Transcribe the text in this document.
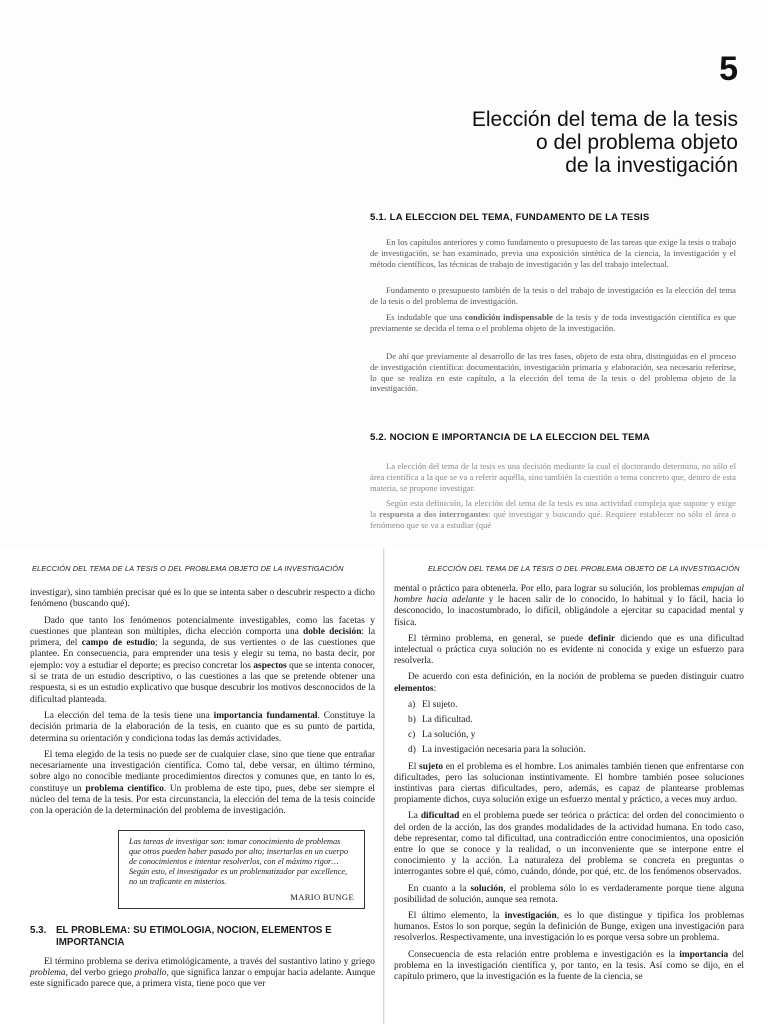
5
Elección del tema de la tesis
o del problema objeto
de la investigación
5.1. LA ELECCION DEL TEMA, FUNDAMENTO DE LA TESIS

En los capítulos anteriores y como fundamento o presupuesto de las tareas que exige la tesis o trabajo de investigación, se han examinado, previa una exposición sintética de la ciencia, la investigación y el método científicos, las técnicas de trabajo de investigación y las del trabajo intelectual.

Fundamento o presupuesto también de la tesis o del trabajo de investigación es la elección del tema de la tesis o del problema de investigación.

Es indudable que una condición indispensable de la tesis y de toda investigación científica es que previamente se decida el tema o el problema objeto de la investigación.

De ahí que previamente al desarrollo de las tres fases, objeto de esta obra, distinguidas en el proceso de investigación científica: documentación, investigación primaria y elaboración, sea necesario referirse, lo que se realiza en este capítulo, a la elección del tema de la tesis o del problema objeto de la investigación.

5.2. NOCION E IMPORTANCIA DE LA ELECCION DEL TEMA

La elección del tema de la tesis es una decisión mediante la cual el doctorando determina, no sólo el área científica a la que se va a referir aquélla, sino también la cuestión o tema concreto que, dentro de esta materia, se propone investigar.

Según esta definición, la elección del tema de la tesis es una actividad compleja que supone y exige la respuesta a dos interrogantes: qué investigar y buscando qué. Requiere establecer no sólo el área o fenómeno que se va a estudiar (qué

ELECCIÓN DEL TEMA DE LA TESIS O DEL PROBLEMA OBJETO DE LA INVESTIGACIÓN

investigar), sino también precisar qué es lo que se intenta saber o descubrir respecto a dicho fenómeno (buscando qué).

Dado que tanto los fenómenos potencialmente investigables, como las facetas y cuestiones que plantean son múltiples, dicha elección comporta una doble decisión: la primera, del campo de estudio; la segunda, de sus vertientes o de las cuestiones que plantee. En consecuencia, para emprender una tesis y elegir su tema, no basta decir, por ejemplo: voy a estudiar el deporte; es preciso concretar los aspectos que se intenta conocer, si se trata de un estudio descriptivo, o las cuestiones a las que se pretende obtener una respuesta, si es un estudio explicativo que busque descubrir los motivos desconocidos de la dificultad planteada.

La elección del tema de la tesis tiene una importancia fundamental. Constituye la decisión primaria de la elaboración de la tesis, en cuanto que es su punto de partida, determina su orientación y condiciona todas las demás actividades.

El tema elegido de la tesis no puede ser de cualquier clase, sino que tiene que entrañar necesariamente una investigación científica. Como tal, debe versar, en último término, sobre algo no conocible mediante procedimientos directos y comunes que, en tanto lo es, constituye un problema científico. Un problema de este tipo, pues, debe ser siempre el núcleo del tema de la tesis. Por esta circunstancia, la elección del tema de la tesis coincide con la operación de la determinación del problema de investigación.

Las tareas de investigar son: tomar conocimiento de problemas que otros pueden haber pasado por alto; insertarlos en un cuerpo de conocimientos e intentar resolverlos, con el máximo rigor… Según esto, el investigador es un problematizador par excellence, no un traficante en misterios.
MARIO BUNGE
5.3. EL PROBLEMA: SU ETIMOLOGIA, NOCION, ELEMENTOS E IMPORTANCIA

El término problema se deriva etimológicamente, a través del sustantivo latino y griego problema, del verbo griego proballo, que significa lanzar o empujar hacia adelante. Aunque este significado parece que, a primera vista, tiene poco que ver

ELECCIÓN DEL TEMA DE LA TESIS O DEL PROBLEMA OBJETO DE LA INVESTIGACIÓN

mental o práctico para obtenerla. Por ello, para lograr su solución, los problemas empujan al hombre hacia adelante y le hacen salir de lo conocido, lo habitual y lo fácil, hacia lo desconocido, lo inacostumbrado, lo difícil, obligándole a ejercitar su capacidad mental y física.

El término problema, en general, se puede definir diciendo que es una dificultad intelectual o práctica cuya solución no es evidente ni conocida y exige un esfuerzo para resolverla.

De acuerdo con esta definición, en la noción de problema se pueden distinguir cuatro elementos:

a) El sujeto.
b) La dificultad.
c) La solución, y
d) La investigación necesaria para la solución.

El sujeto en el problema es el hombre. Los animales también tienen que enfrentarse con dificultades, pero las solucionan instintivamente. El hombre también posee soluciones instintivas para ciertas dificultades, pero, además, es capaz de plantearse problemas propiamente dichos, cuya solución exige un esfuerzo mental y práctico, a veces muy arduo.

La dificultad en el problema puede ser teórica o práctica: del orden del conocimiento o del orden de la acción, las dos grandes modalidades de la actividad humana. En todo caso, debe representar, como tal dificultad, una contradicción entre conocimientos, una oposición entre lo que se conoce y la realidad, o un inconveniente que se interpone entre el conocimiento y la acción. La naturaleza del problema se concreta en preguntas o interrogantes sobre el qué, cómo, cuándo, dónde, por qué, etc. de los fenómenos observados.

En cuanto a la solución, el problema sólo lo es verdaderamente porque tiene alguna posibilidad de solución, aunque sea remota.

El último elemento, la investigación, es lo que distingue y tipifica los problemas humanos. Estos lo son porque, según la definición de Bunge, exigen una investigación para resolverlos. Respectivamente, una investigación lo es porque versa sobre un problema.

Consecuencia de esta relación entre problema e investigación es la importancia del problema en la investigación científica y, por tanto, en la tesis. Así como se dijo, en el capítulo primero, que la investigación es la fuente de la ciencia, se
